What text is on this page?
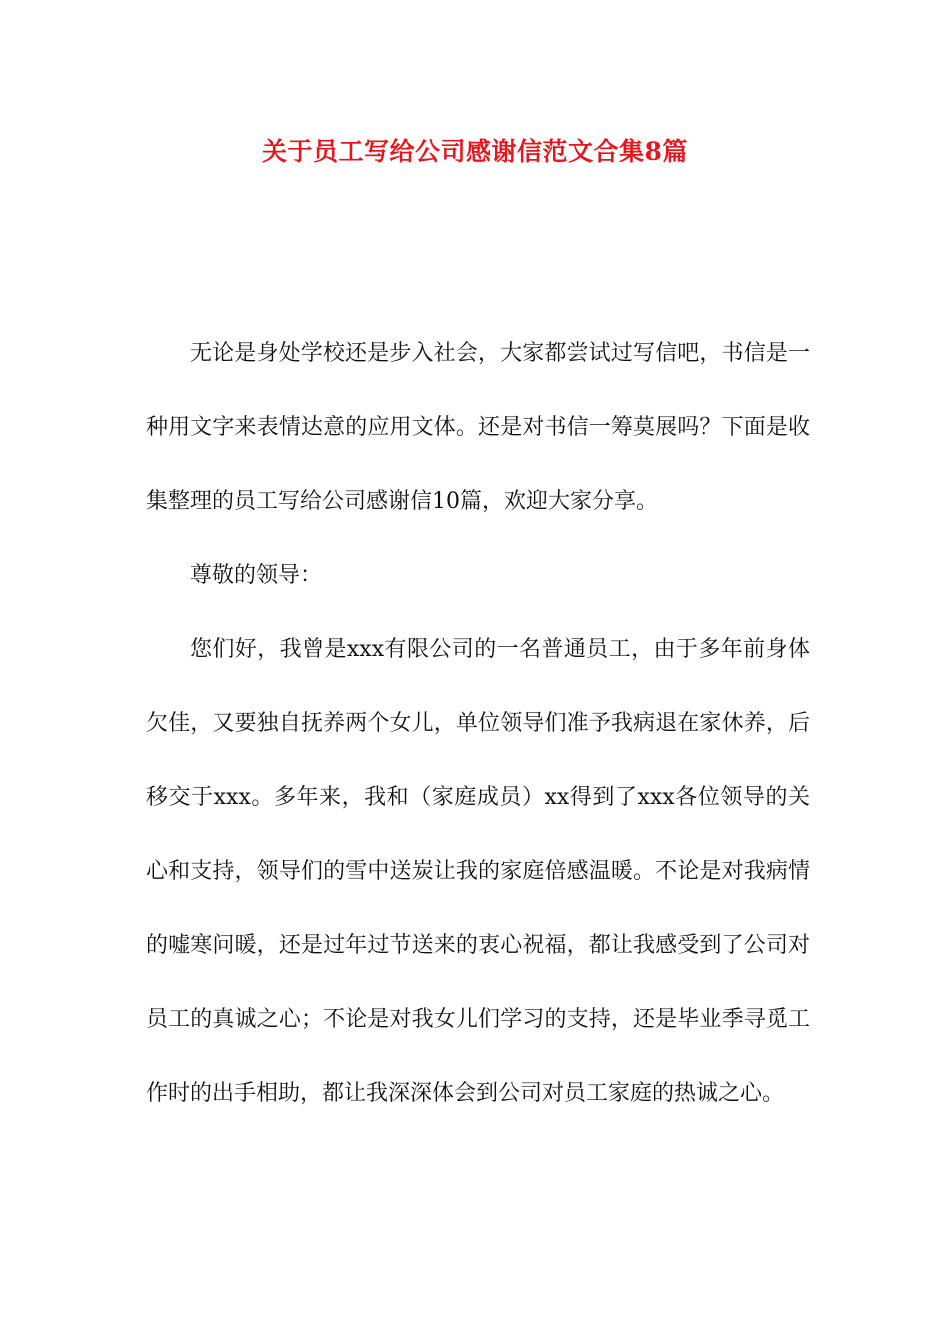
关于员工写给公司感谢信范文合集8篇

无论是身处学校还是步入社会，大家都尝试过写信吧，书信是一种用文字来表情达意的应用文体。还是对书信一筹莫展吗？下面是收集整理的员工写给公司感谢信10篇，欢迎大家分享。

尊敬的领导：

您们好，我曾是xxx有限公司的一名普通员工，由于多年前身体欠佳，又要独自抚养两个女儿，单位领导们准予我病退在家休养，后移交于xxx。多年来，我和（家庭成员）xx得到了xxx各位领导的关心和支持，领导们的雪中送炭让我的家庭倍感温暖。不论是对我病情的嘘寒问暖，还是过年过节送来的衷心祝福，都让我感受到了公司对员工的真诚之心；不论是对我女儿们学习的支持，还是毕业季寻觅工作时的出手相助，都让我深深体会到公司对员工家庭的热诚之心。
